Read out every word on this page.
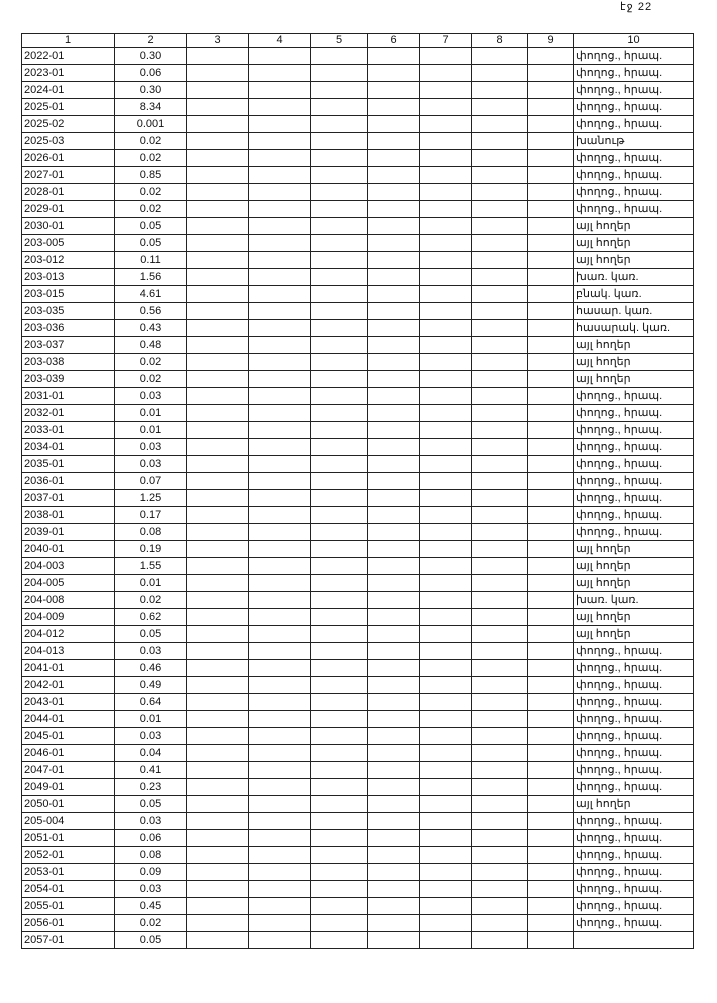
էջ 22
1	2	3	4	5	6	7	8	9	10
2022-01	0.30								փողոց., հրապ.
2023-01	0.06								փողոց., հրապ.
2024-01	0.30								փողոց., հրապ.
2025-01	8.34								փողոց., հրապ.
2025-02	0.001								փողոց., հրապ.
2025-03	0.02								խանութ
2026-01	0.02								փողոց., հրապ.
2027-01	0.85								փողոց., հրապ.
2028-01	0.02								փողոց., հրապ.
2029-01	0.02								փողոց., հրապ.
2030-01	0.05								այլ հողեր
203-005	0.05								այլ հողեր
203-012	0.11								այլ հողեր
203-013	1.56								խառ. կառ.
203-015	4.61								բնակ. կառ.
203-035	0.56								հասար. կառ.
203-036	0.43								հասարակ. կառ.
203-037	0.48								այլ հողեր
203-038	0.02								այլ հողեր
203-039	0.02								այլ հողեր
2031-01	0.03								փողոց., հրապ.
2032-01	0.01								փողոց., հրապ.
2033-01	0.01								փողոց., հրապ.
2034-01	0.03								փողոց., հրապ.
2035-01	0.03								փողոց., հրապ.
2036-01	0.07								փողոց., հրապ.
2037-01	1.25								փողոց., հրապ.
2038-01	0.17								փողոց., հրապ.
2039-01	0.08								փողոց., հրապ.
2040-01	0.19								այլ հողեր
204-003	1.55								այլ հողեր
204-005	0.01								այլ հողեր
204-008	0.02								խառ. կառ.
204-009	0.62								այլ հողեր
204-012	0.05								այլ հողեր
204-013	0.03								փողոց., հրապ.
2041-01	0.46								փողոց., հրապ.
2042-01	0.49								փողոց., հրապ.
2043-01	0.64								փողոց., հրապ.
2044-01	0.01								փողոց., հրապ.
2045-01	0.03								փողոց., հրապ.
2046-01	0.04								փողոց., հրապ.
2047-01	0.41								փողոց., հրապ.
2049-01	0.23								փողոց., հրապ.
2050-01	0.05								այլ հողեր
205-004	0.03								փողոց., հրապ.
2051-01	0.06								փողոց., հրապ.
2052-01	0.08								փողոց., հրապ.
2053-01	0.09								փողոց., հրապ.
2054-01	0.03								փողոց., հրապ.
2055-01	0.45								փողոց., հրապ.
2056-01	0.02								փողոց., հրապ.
2057-01	0.05								
